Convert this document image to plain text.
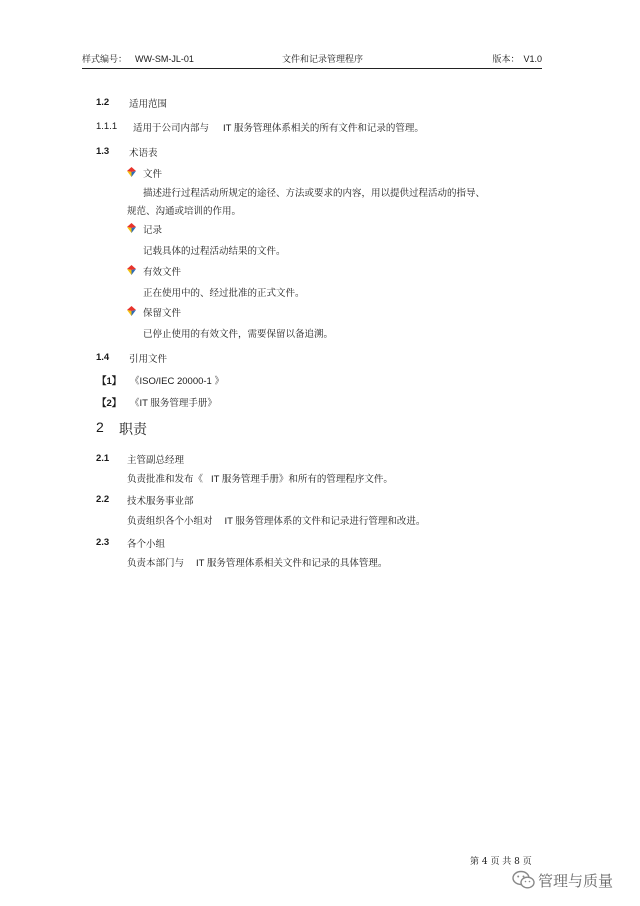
样式编号： WW-SM-JL-01	文件和记录管理程序	版本： V1.0
1.2 适用范围
1.1.1 适用于公司内部与 IT 服务管理体系相关的所有文件和记录的管理。
1.3 术语表
文件
描述进行过程活动所规定的途径、方法或要求的内容，用以提供过程活动的指导、
规范、沟通或培训的作用。
记录
记载具体的过程活动结果的文件。
有效文件
正在使用中的、经过批准的正式文件。
保留文件
已停止使用的有效文件，需要保留以备追溯。
1.4 引用文件
【1】 《ISO/IEC 20000-1 》
【2】 《IT 服务管理手册》
2 职责
2.1 主管副总经理
负责批准和发布《 IT 服务管理手册》和所有的管理程序文件。
2.2 技术服务事业部
负责组织各个小组对 IT 服务管理体系的文件和记录进行管理和改进。
2.3 各个小组
负责本部门与 IT 服务管理体系相关文件和记录的具体管理。
第 4 页 共 8 页
管理与质量
